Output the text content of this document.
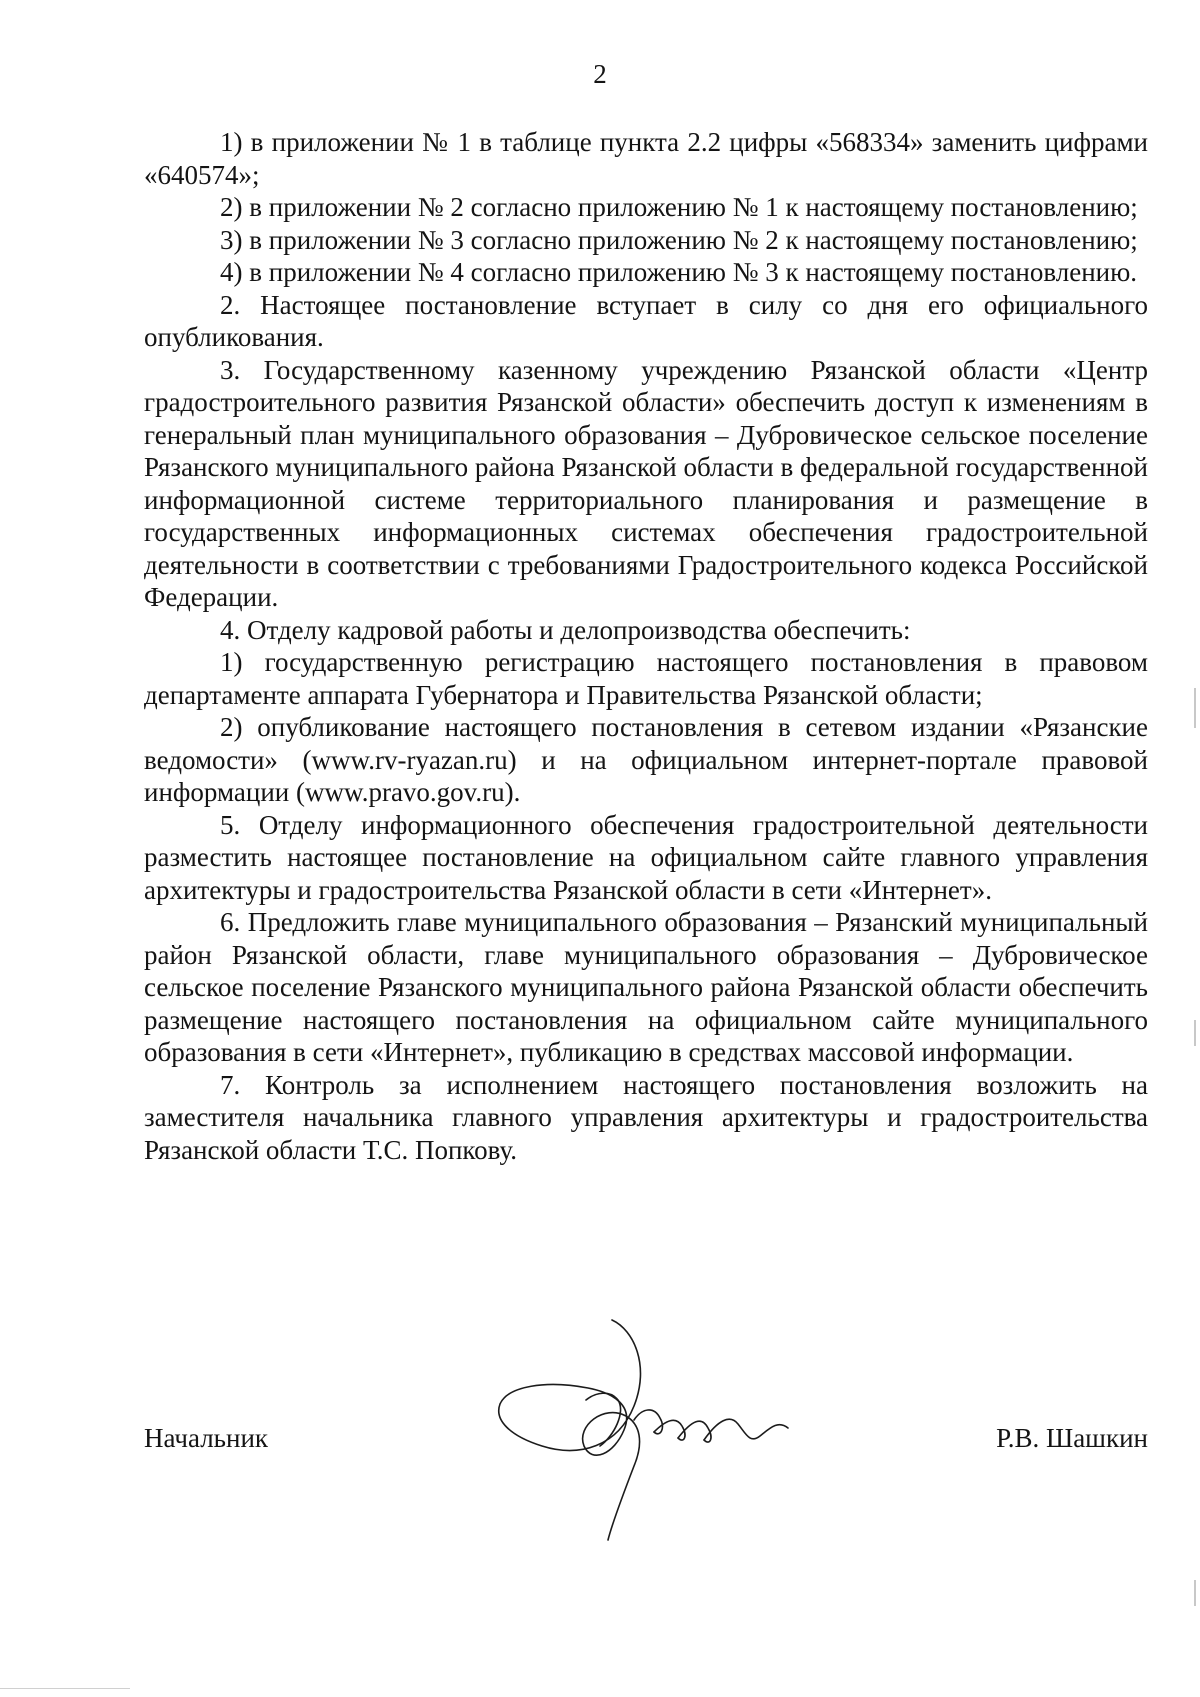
2

1) в приложении № 1 в таблице пункта 2.2 цифры «568334» заменить цифрами «640574»;

2) в приложении № 2 согласно приложению № 1 к настоящему постановлению;

3) в приложении № 3 согласно приложению № 2 к настоящему постановлению;

4) в приложении № 4 согласно приложению № 3 к настоящему постановлению.

2. Настоящее постановление вступает в силу со дня его официального опубликования.

3. Государственному казенному учреждению Рязанской области «Центр градостроительного развития Рязанской области» обеспечить доступ к изменениям в генеральный план муниципального образования – Дубровическое сельское поселение Рязанского муниципального района Рязанской области в федеральной государственной информационной системе территориального планирования и размещение в государственных информационных системах обеспечения градостроительной деятельности в соответствии с требованиями Градостроительного кодекса Российской Федерации.

4. Отделу кадровой работы и делопроизводства обеспечить:

1) государственную регистрацию настоящего постановления в правовом департаменте аппарата Губернатора и Правительства Рязанской области;

2) опубликование настоящего постановления в сетевом издании «Рязанские ведомости» (www.rv-ryazan.ru) и на официальном интернет-портале правовой информации (www.pravo.gov.ru).

5. Отделу информационного обеспечения градостроительной деятельности разместить настоящее постановление на официальном сайте главного управления архитектуры и градостроительства Рязанской области в сети «Интернет».

6. Предложить главе муниципального образования – Рязанский муниципальный район Рязанской области, главе муниципального образования – Дубровическое сельское поселение Рязанского муниципального района Рязанской области обеспечить размещение настоящего постановления на официальном сайте муниципального образования в сети «Интернет», публикацию в средствах массовой информации.

7. Контроль за исполнением настоящего постановления возложить на заместителя начальника главного управления архитектуры и градостроительства Рязанской области Т.С. Попкову.

Начальник	Р.В. Шашкин
